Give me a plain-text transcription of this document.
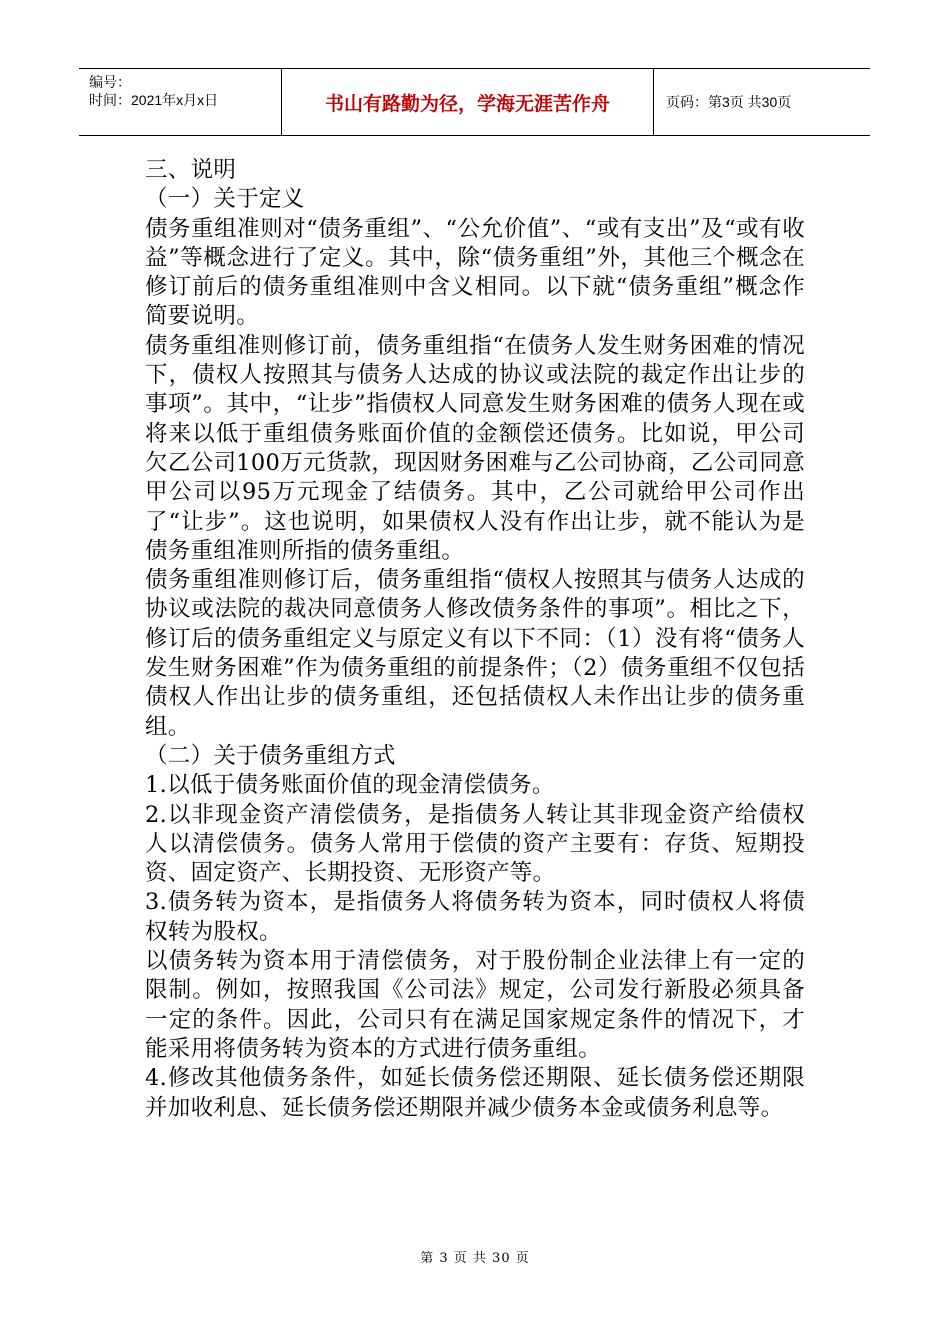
编号：
时间：2021年x月x日	书山有路勤为径，学海无涯苦作舟	页码：第3页 共30页

三、说明

（一）关于定义

债务重组准则对“债务重组”、“公允价值”、“或有支出”及“或有收益”等概念进行了定义。其中，除“债务重组”外，其他三个概念在修订前后的债务重组准则中含义相同。以下就“债务重组”概念作简要说明。

债务重组准则修订前，债务重组指“在债务人发生财务困难的情况下，债权人按照其与债务人达成的协议或法院的裁定作出让步的事项”。其中，“让步”指债权人同意发生财务困难的债务人现在或将来以低于重组债务账面价值的金额偿还债务。比如说，甲公司欠乙公司100万元货款，现因财务困难与乙公司协商，乙公司同意甲公司以95万元现金了结债务。其中，乙公司就给甲公司作出了“让步”。这也说明，如果债权人没有作出让步，就不能认为是债务重组准则所指的债务重组。

债务重组准则修订后，债务重组指“债权人按照其与债务人达成的协议或法院的裁决同意债务人修改债务条件的事项”。相比之下，修订后的债务重组定义与原定义有以下不同：（1）没有将“债务人发生财务困难”作为债务重组的前提条件；（2）债务重组不仅包括债权人作出让步的债务重组，还包括债权人未作出让步的债务重组。

（二）关于债务重组方式

1.以低于债务账面价值的现金清偿债务。

2.以非现金资产清偿债务，是指债务人转让其非现金资产给债权人以清偿债务。债务人常用于偿债的资产主要有：存货、短期投资、固定资产、长期投资、无形资产等。

3.债务转为资本，是指债务人将债务转为资本，同时债权人将债权转为股权。

以债务转为资本用于清偿债务，对于股份制企业法律上有一定的限制。例如，按照我国《公司法》规定，公司发行新股必须具备一定的条件。因此，公司只有在满足国家规定条件的情况下，才能采用将债务转为资本的方式进行债务重组。

4.修改其他债务条件，如延长债务偿还期限、延长债务偿还期限并加收利息、延长债务偿还期限并减少债务本金或债务利息等。

第 3 页 共 30 页
